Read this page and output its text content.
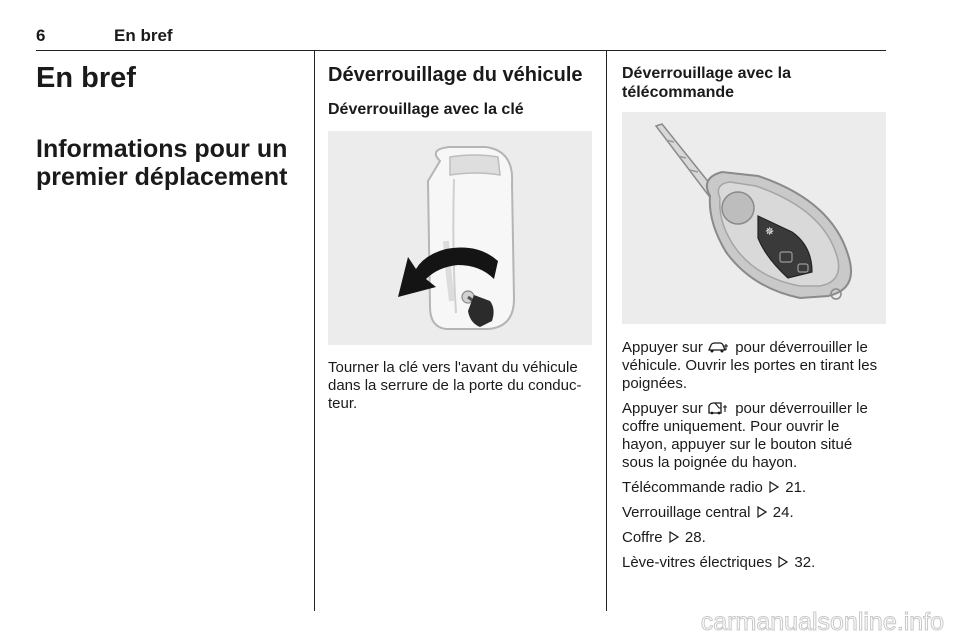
6	En bref
En bref
Informations pour un premier déplacement
Déverrouillage du véhicule
Déverrouillage avec la clé

Tourner la clé vers l'avant du véhicule dans la serrure de la porte du conduc-teur.

Déverrouillage avec la télécommande
✵

Appuyer sur pour déverrouiller le véhicule. Ouvrir les portes en tirant les poignées.

Appuyer sur pour déverrouiller le coffre uniquement. Pour ouvrir le hayon, appuyer sur le bouton situé sous la poignée du hayon.

Télécommande radio 21.

Verrouillage central 24.

Coffre 28.

Lève-vitres électriques 32.

carmanualsonline.info
